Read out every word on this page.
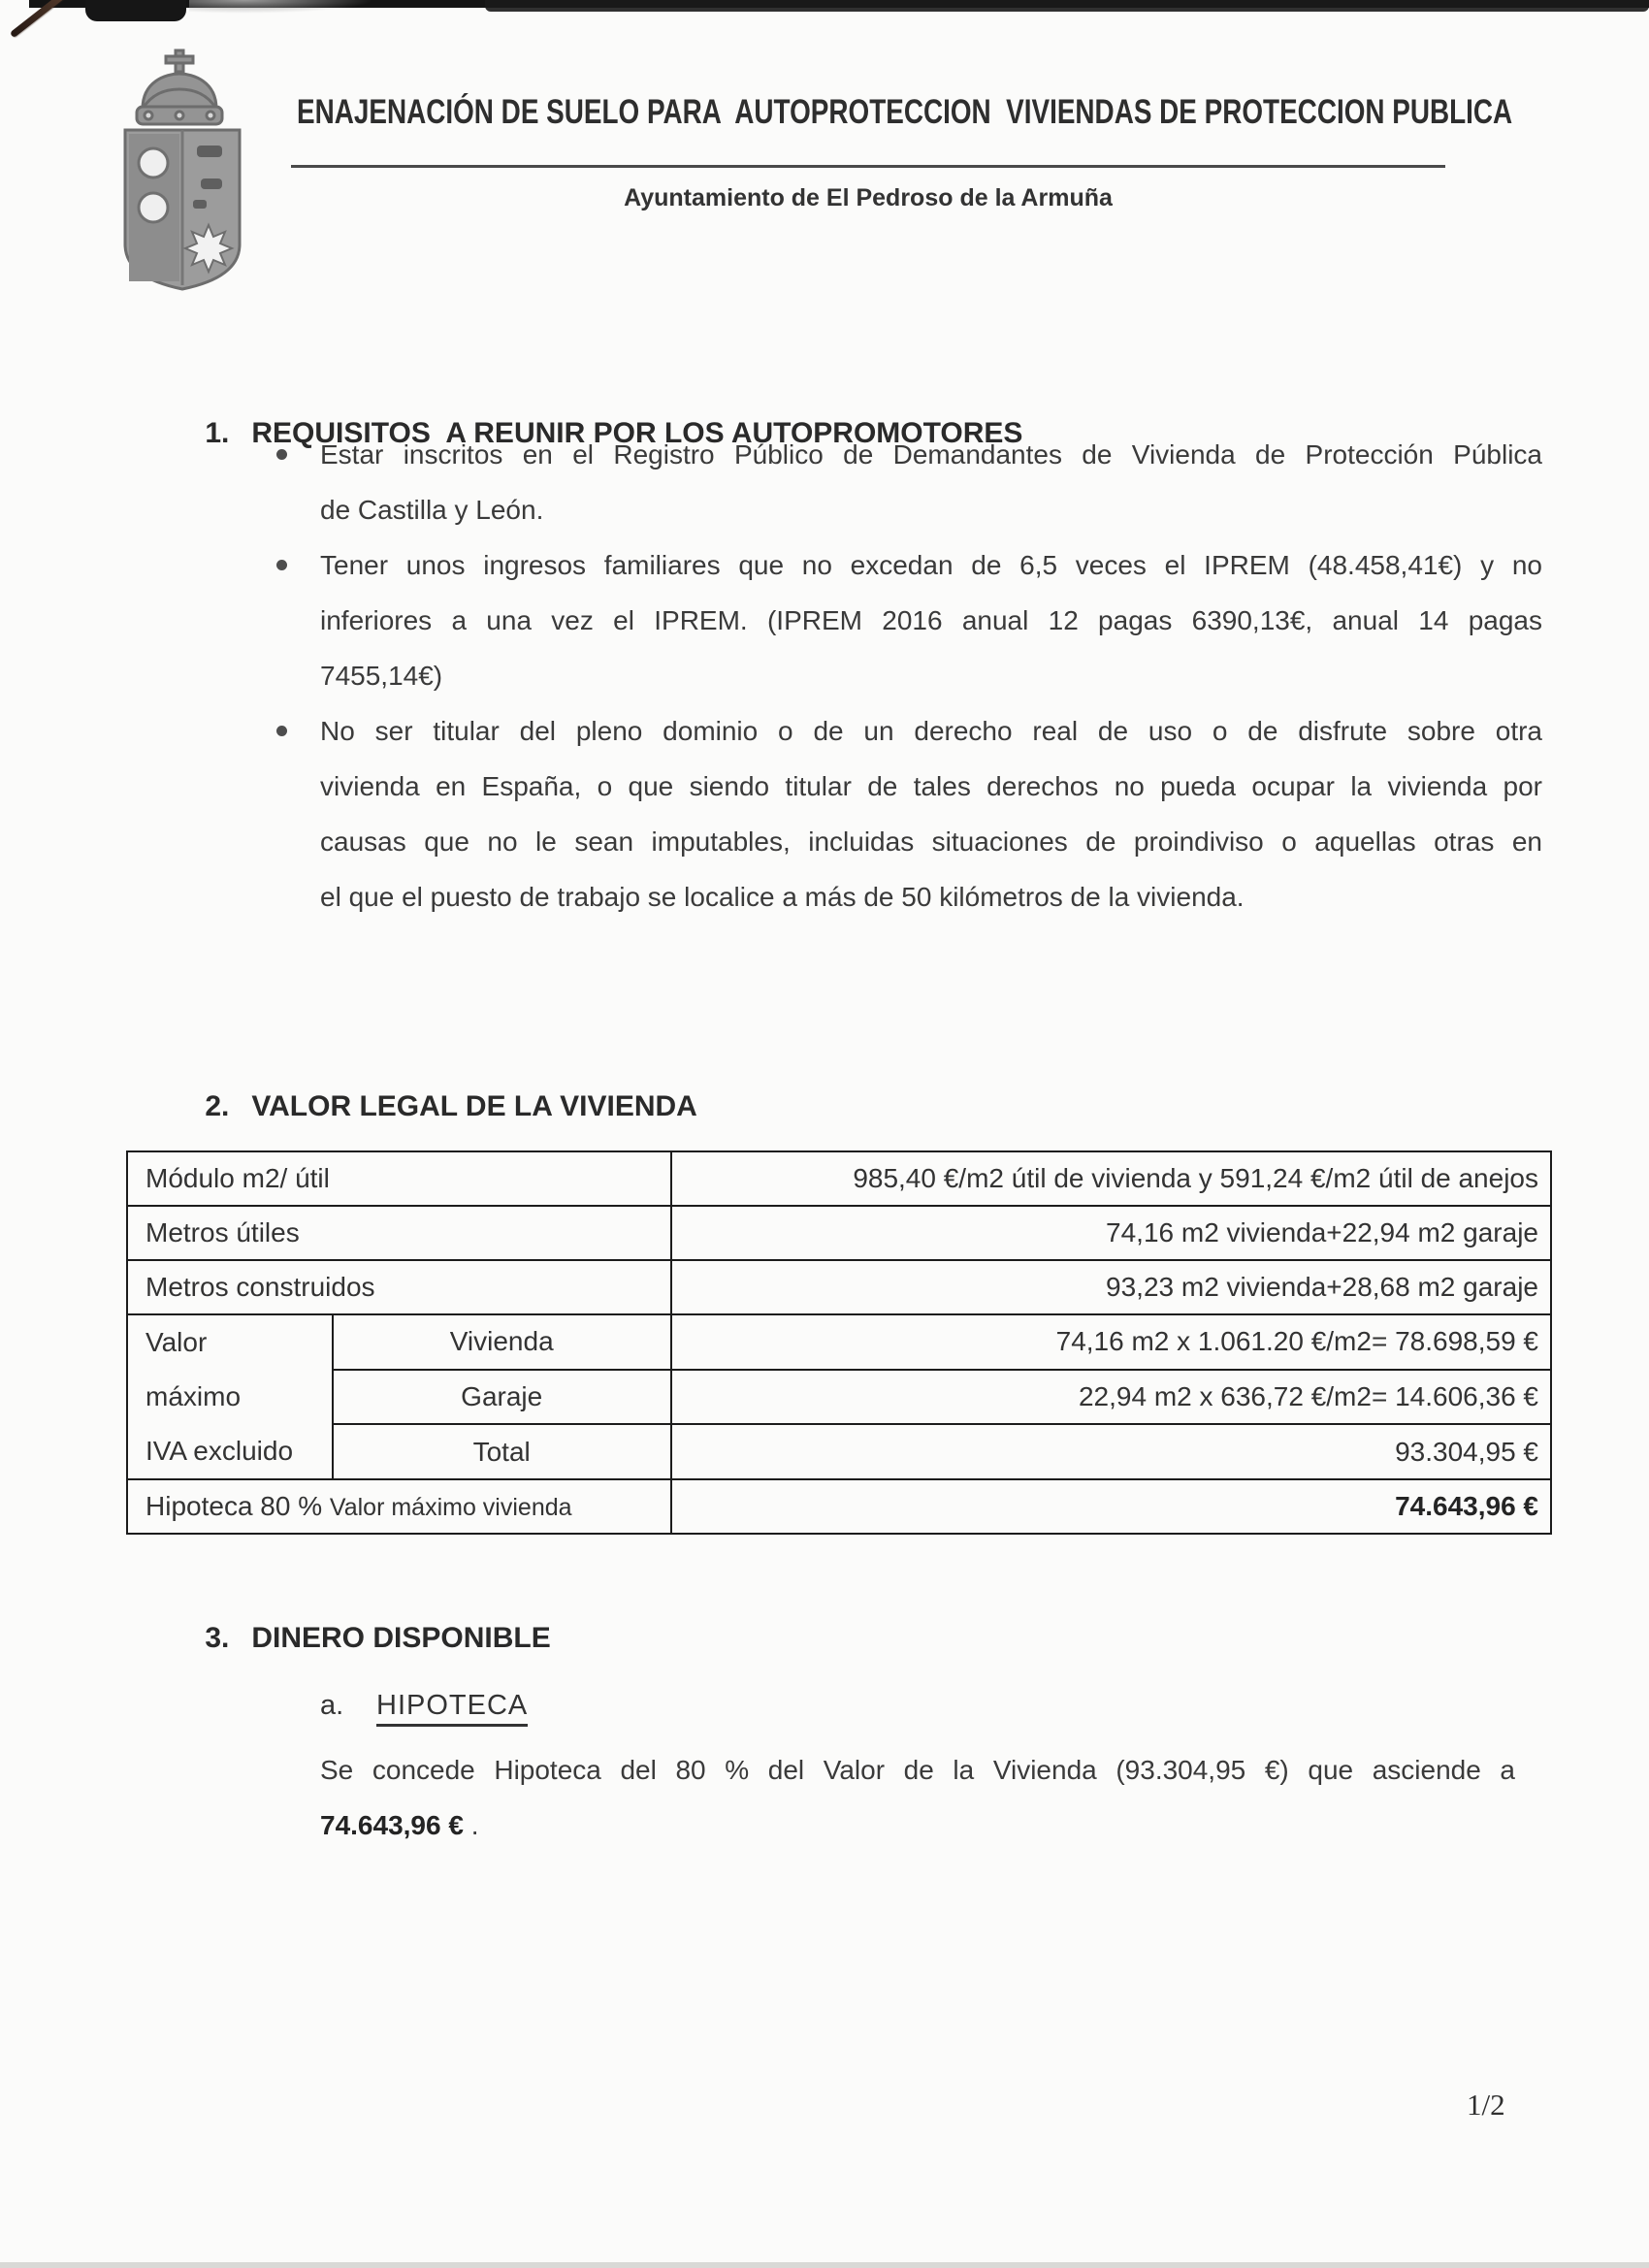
ENAJENACIÓN DE SUELO PARA  AUTOPROTECCION  VIVIENDAS DE PROTECCION PUBLICA
Ayuntamiento de El Pedroso de la Armuña

1. REQUISITOS  A REUNIR POR LOS AUTOPROMOTORES

Estar inscritos en el Registro Público de Demandantes de Vivienda de Protección Pública
de Castilla y León.
Tener unos ingresos familiares que no excedan de 6,5 veces el IPREM (48.458,41€) y no
inferiores a una vez el IPREM. (IPREM 2016 anual 12 pagas 6390,13€, anual 14 pagas
7455,14€)
No ser titular del pleno dominio o de un derecho real de uso o de disfrute sobre otra
vivienda en España, o que siendo titular de tales derechos no pueda ocupar la vivienda por
causas que no le sean imputables, incluidas situaciones de proindiviso o aquellas otras en
el que el puesto de trabajo se localice a más de 50 kilómetros de la vivienda.

2. VALOR LEGAL DE LA VIVIENDA

Módulo m2/ útil		985,40 €/m2 útil de vivienda y 591,24 €/m2 útil de anejos
Metros útiles		74,16 m2 vivienda+22,94 m2 garaje
Metros construidos		93,23 m2 vivienda+28,68 m2 garaje

Valor
máximo
IVA excluido	Vivienda	74,16 m2 x 1.061.20 €/m2= 78.698,59 €
	Garaje	22,94 m2 x 636,72 €/m2= 14.606,36 €
	Total	93.304,95 €
Hipoteca 80 % Valor máximo vivienda		74.643,96 €

3. DINERO DISPONIBLE

a. HIPOTECA
Se concede Hipoteca del 80 % del Valor de la Vivienda (93.304,95 €) que asciende a
74.643,96 € .
1/2
